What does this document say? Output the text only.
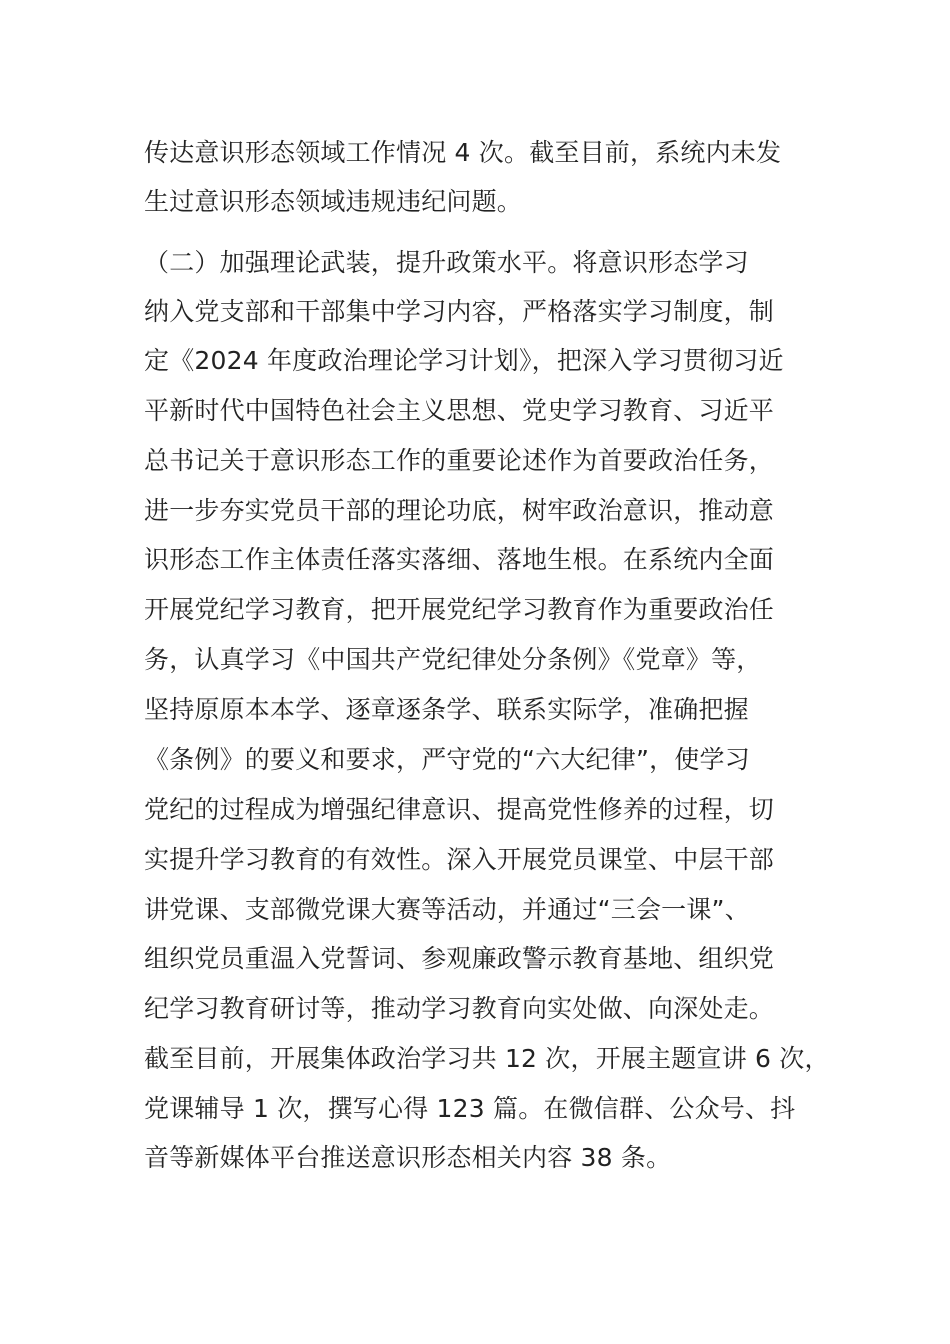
传达意识形态领域工作情况 4 次。截至目前，系统内未发
生过意识形态领域违规违纪问题。
（二）加强理论武装，提升政策水平。将意识形态学习
纳入党支部和干部集中学习内容，严格落实学习制度，制
定《2024 年度政治理论学习计划》，把深入学习贯彻习近
平新时代中国特色社会主义思想、党史学习教育、习近平
总书记关于意识形态工作的重要论述作为首要政治任务，
进一步夯实党员干部的理论功底，树牢政治意识，推动意
识形态工作主体责任落实落细、落地生根。在系统内全面
开展党纪学习教育，把开展党纪学习教育作为重要政治任
务，认真学习《中国共产党纪律处分条例》《党章》等，
坚持原原本本学、逐章逐条学、联系实际学，准确把握
《条例》的要义和要求，严守党的“六大纪律”，使学习
党纪的过程成为增强纪律意识、提高党性修养的过程，切
实提升学习教育的有效性。深入开展党员课堂、中层干部
讲党课、支部微党课大赛等活动，并通过“三会一课”、
组织党员重温入党誓词、参观廉政警示教育基地、组织党
纪学习教育研讨等，推动学习教育向实处做、向深处走。
截至目前，开展集体政治学习共 12 次，开展主题宣讲 6 次，
党课辅导 1 次，撰写心得 123 篇。在微信群、公众号、抖
音等新媒体平台推送意识形态相关内容 38 条。
